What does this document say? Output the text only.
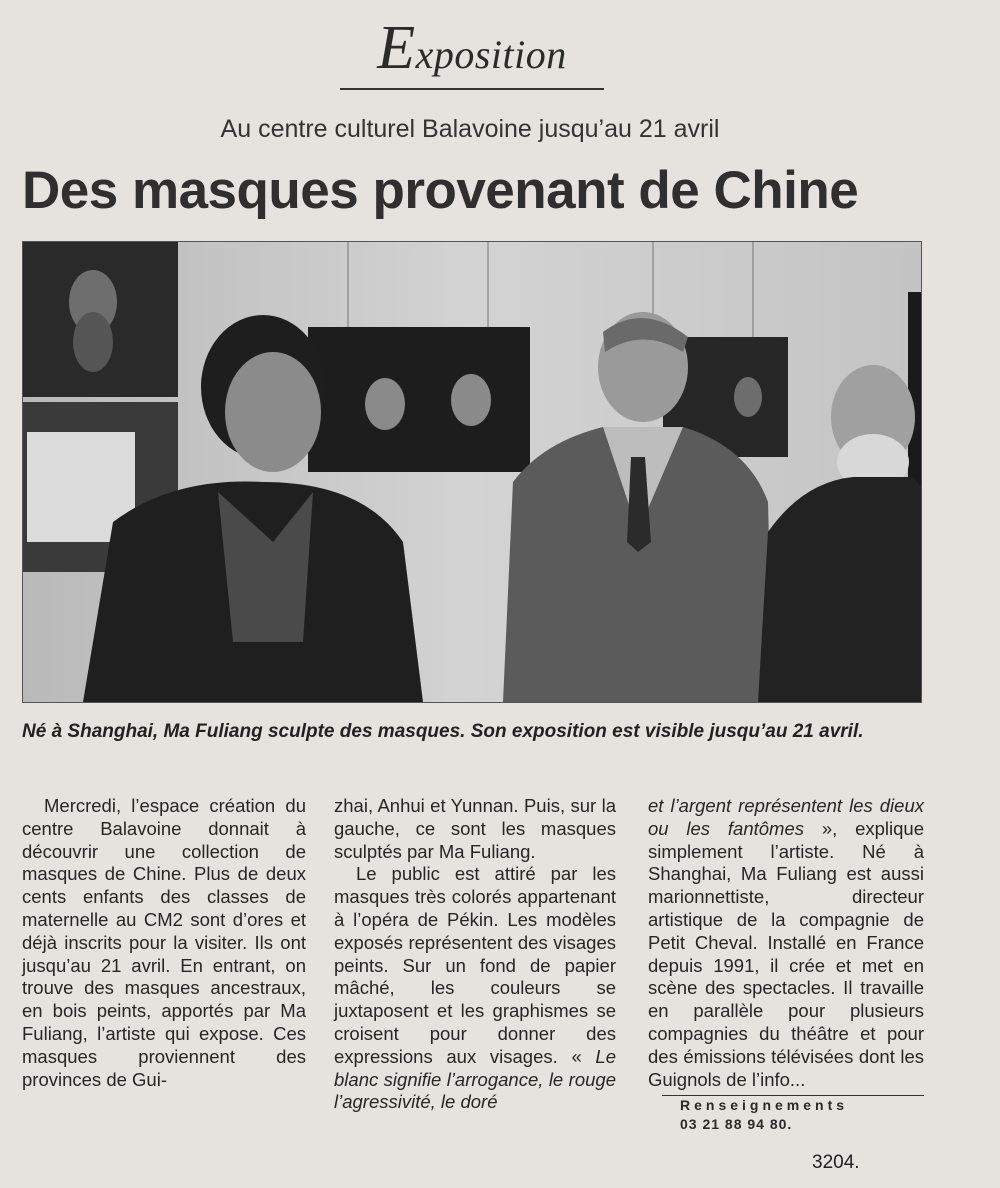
Exposition
Au centre culturel Balavoine jusqu’au 21 avril
Des masques provenant de Chine
Né à Shanghai, Ma Fuliang sculpte des masques. Son exposition est visible jusqu’au 21 avril.

Mercredi, l’espace création du centre Balavoine donnait à découvrir une collection de masques de Chine. Plus de deux cents enfants des classes de maternelle au CM2 sont d’ores et déjà inscrits pour la visiter. Ils ont jusqu’au 21 avril. En entrant, on trouve des masques ancestraux, en bois peints, apportés par Ma Fuliang, l’artiste qui expose. Ces masques proviennent des provinces de Gui-

zhai, Anhui et Yunnan. Puis, sur la gauche, ce sont les masques sculptés par Ma Fuliang.

Le public est attiré par les masques très colorés appartenant à l’opéra de Pékin. Les modèles exposés représentent des visages peints. Sur un fond de papier mâché, les couleurs se juxtaposent et les graphismes se croisent pour donner des expressions aux visages. « Le blanc signifie l’arrogance, le rouge l’agressivité, le doré

et l’argent représentent les dieux ou les fantômes », explique simplement l’artiste. Né à Shanghai, Ma Fuliang est aussi marionnettiste, directeur artistique de la compagnie de Petit Cheval. Installé en France depuis 1991, il crée et met en scène des spectacles. Il travaille en parallèle pour plusieurs compagnies du théâtre et pour des émissions télévisées dont les Guignols de l’info...

Renseignements
03 21 88 94 80.
3204.
